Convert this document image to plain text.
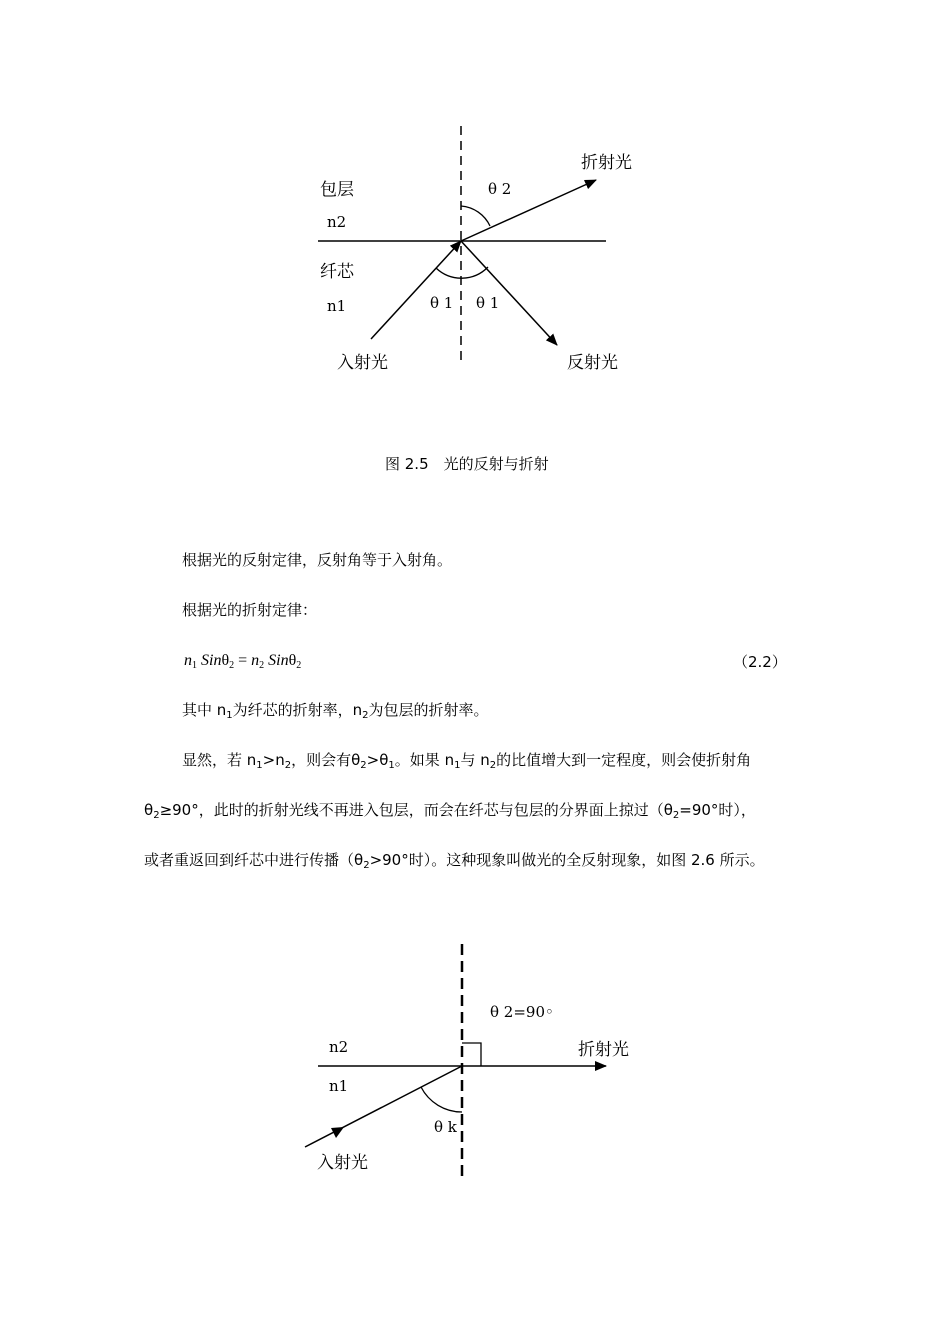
折射光
θ 2
包层
n2
纤芯
n1	θ 1 θ 1
入射光	反射光
图 2.5　光的反射与折射
根据光的反射定律，反射角等于入射角。
根据光的折射定律：
$n_1$ $Sin\theta_2 = n_2$ Sinθ$_2$	（2.2）
其中 $n_1$为纤芯的折射率，$n_2$为包层的折射率。
显然，若 $n_1>n_2$，则会有$\theta_2>\theta_1$。如果 $n_1$与 $n_2$的比值增大到一定程度，则会使折射角
$\theta_2\ge 90^\circ$，此时的折射光线不再进入包层，而会在纤芯与包层的分界面上掠过（$\theta_2=90^\circ$时），
或者重返回到纤芯中进行传播（$\theta_2>90^\circ$时）。这种现象叫做光的全反射现象，如图 2.6 所示。
θ 2=90◦
n2	折射光
n1
θ k
入射光
